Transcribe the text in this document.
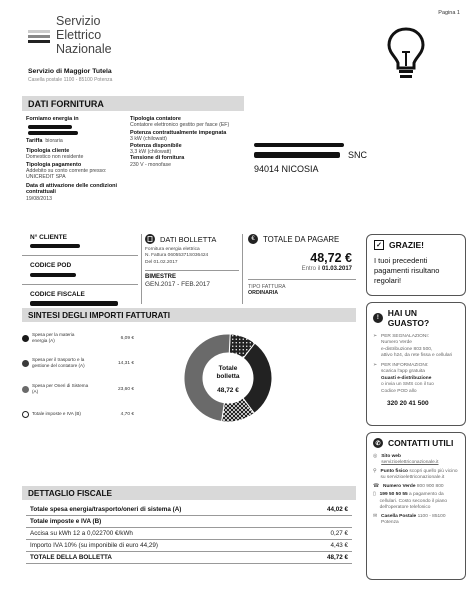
Pagina 1
Servizio
Elettrico
Nazionale
Servizio di Maggior Tutela
Casella postale 1100 - 85100 Potenza
DATI FORNITURA
Forniamo energia in
Tariffa bioraria
Tipologia cliente
Domestico non residente
Tipologia pagamento
Addebito su conto corrente presso: UNICREDIT SPA
Data di attivazione delle condizioni contrattuali
19/08/2013
Tipologia contatore
Contatore elettronico gestito per fasce (EF)
Potenza contrattualmente impegnata
3 kW (chilowatt)
Potenza disponibile
3,3 kW (chilowatt)
Tensione di fornitura
230 V - monofase
SNC
94014 NICOSIA
N° CLIENTE
CODICE POD
CODICE FISCALE
DATI BOLLETTA
Fornitura energia elettrica
N. Fattura 06055371S036424
Del 01.02.2017
BIMESTRE
GEN.2017 - FEB.2017
€	TOTALE DA PAGARE
48,72 €
Entro il 01.03.2017
TIPO FATTURA
ORDINARIA
✓ GRAZIE!
I tuoi precedenti pagamenti risultano regolari!
SINTESI DEGLI IMPORTI FATTURATI
Spesa per la materia energia (A)	6,09 €
Spesa per il trasporto e la gestione del contatore (A)	14,31 €
Spesa per Oneri di Sistema (A)	23,60 €
Totale imposte e IVA (B)	4,70 €
Totale
bolletta
48,72 €
!	HAI UN GUASTO?
➢ PER SEGNALAZIONI:
Numero Verde
e-distribuzione 803 500,
attivo h24, da rete fissa e cellulari
➢ PER INFORMAZIONI:
scarica l'app gratuita
Guasti e-distribuzione
o invia un SMS con il tuo
Codice POD allo
320 20 41 500
✆ CONTATTI UTILI
◎ Sito web
servizioelettriconazionale.it
⚲ Punto fisico scopri quello più vicino su servizioelettriconazionale.it
☎ Numero Verde 800 900 800
▯ 199 50 50 55 a pagamento da cellulari. Costo secondo il piano dell'operatore telefonico
✉ Casella Postale 1100 - 85100 Potenza
DETTAGLIO FISCALE
Totale spesa energia/trasporto/oneri di sistema (A)	44,02 €
Totale imposte e IVA (B)	
Accisa su kWh 12 a 0,022700 €/kWh	0,27 €
Importo IVA 10% (su imponibile di euro 44,29)	4,43 €
TOTALE DELLA BOLLETTA	48,72 €
